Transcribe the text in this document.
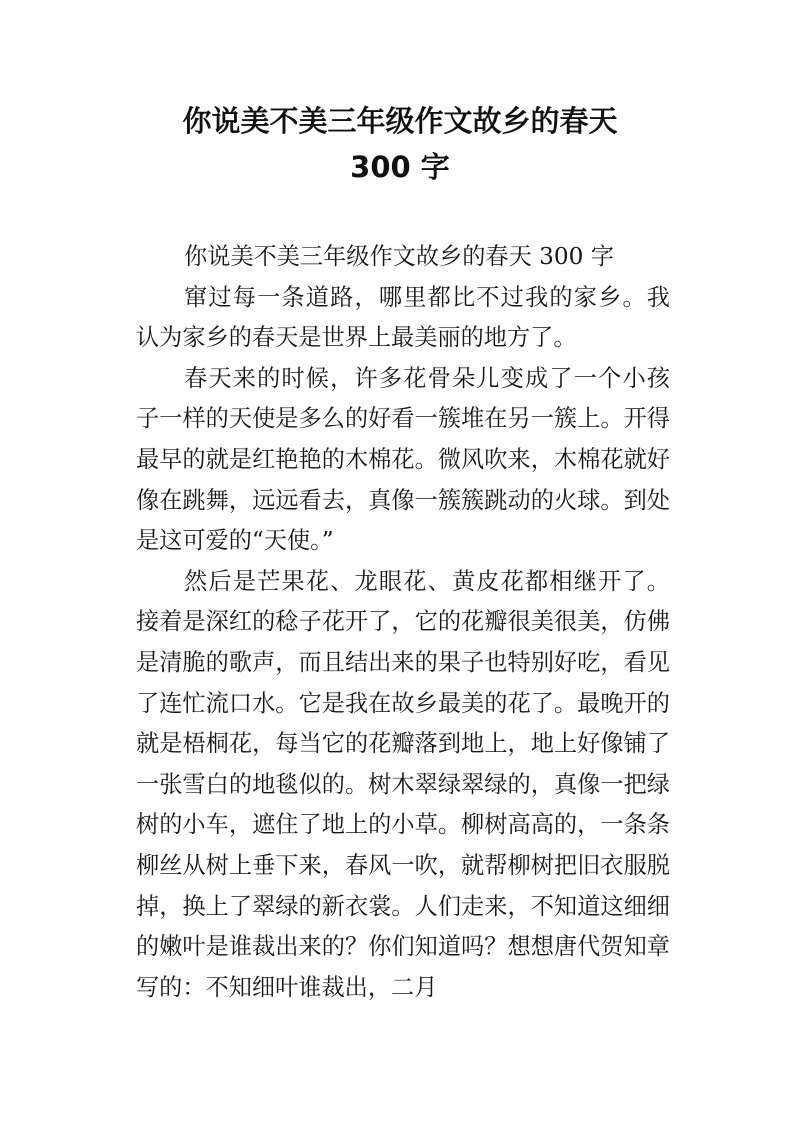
你说美不美三年级作文故乡的春天
300 字

你说美不美三年级作文故乡的春天 300 字

窜过每一条道路，哪里都比不过我的家乡。我认为家乡的春天是世界上最美丽的地方了。

春天来的时候，许多花骨朵儿变成了一个小孩子一样的天使是多么的好看一簇堆在另一簇上。开得最早的就是红艳艳的木棉花。微风吹来，木棉花就好像在跳舞，远远看去，真像一簇簇跳动的火球。到处是这可爱的“天使。”

然后是芒果花、龙眼花、黄皮花都相继开了。接着是深红的稔子花开了，它的花瓣很美很美，仿佛是清脆的歌声，而且结出来的果子也特别好吃，看见了连忙流口水。它是我在故乡最美的花了。最晚开的就是梧桐花，每当它的花瓣落到地上，地上好像铺了一张雪白的地毯似的。树木翠绿翠绿的，真像一把绿树的小车，遮住了地上的小草。柳树高高的，一条条柳丝从树上垂下来，春风一吹，就帮柳树把旧衣服脱掉，换上了翠绿的新衣裳。人们走来，不知道这细细的嫩叶是谁裁出来的？你们知道吗？想想唐代贺知章写的：不知细叶谁裁出，二月
